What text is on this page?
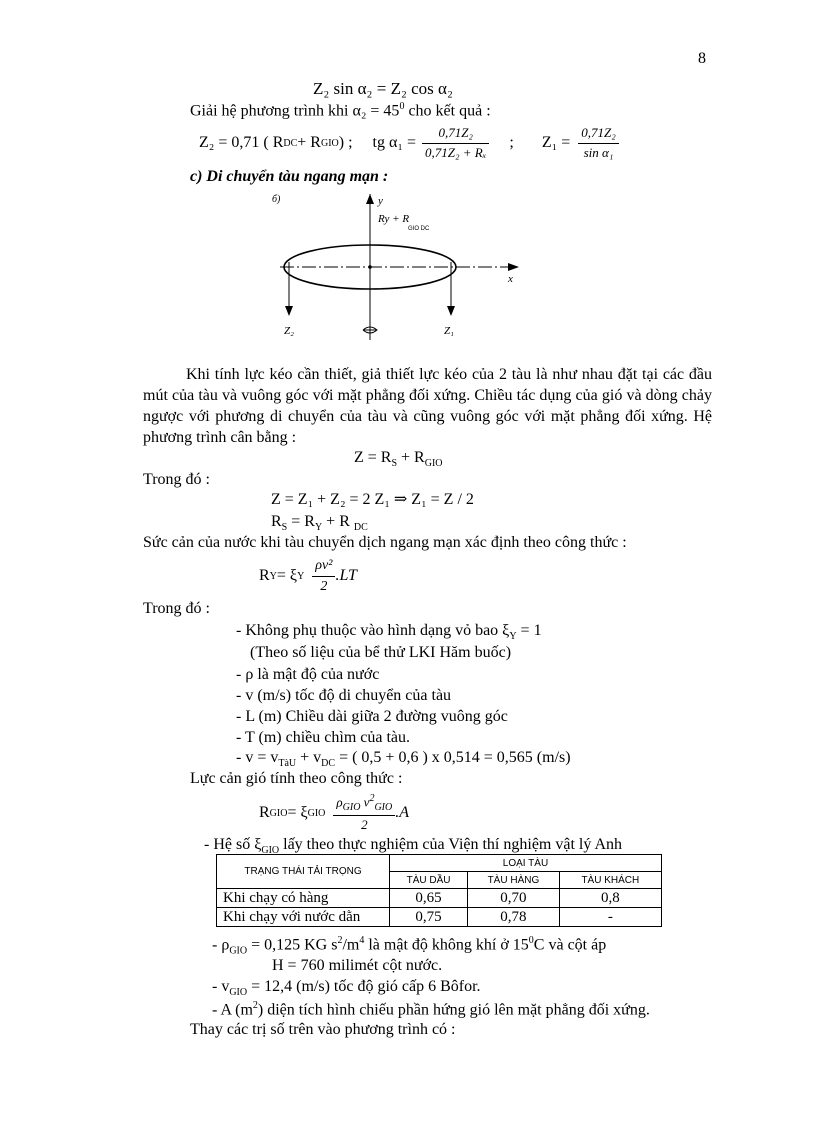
8
Z₂ sin α₂ = Z₂ cos α₂
Giải hệ phương trình khi $\alpha_2 = 45^0$ cho kết quả :
Z₂ = 0,71 ( R DC + R GIO ) ; tg $\alpha_1 = \frac{\text{0,71Z₂}}{\text{0,71Z₂ + Rₓ}}$ ; $Z_1 = \frac{\text{0,71Z₂}}{\text{sin α₁}}$
c) Di chuyển tàu ngang mạn :
б)	y
Ry + R
GIO DC
x
Z₂	Z₁
Khi tính lực kéo cần thiết, giả thiết lực kéo của 2 tàu là như nhau đặt tại các đầu mút của tàu và vuông góc với mặt phẳng đối xứng. Chiều tác dụng của gió và dòng chảy ngược với phương di chuyển của tàu và cũng vuông góc với mặt phẳng đối xứng. Hệ phương trình cân bằng :
$Z = R_S + R_{GIO}$
Trong đó :
Z = Z₁ + Z₂ = 2 Z₁ ⇒ Z₁ = Z / 2
$R_S = R_Y + R$ $_{DC}$
Sức cản của nước khi tàu chuyển dịch ngang mạn xác định theo công thức :
R Y = ξ Y $\frac{\text{ρv²}}{2} .LT$
Trong đó :
- Không phụ thuộc vào hình dạng vỏ bao $\xi_Y = 1$
(Theo số liệu của bể thử LKI Hăm buốc)
- ρ là mật độ của nước
- v (m/s) tốc độ di chuyển của tàu
- L (m) Chiều dài giữa 2 đường vuông góc
- T (m) chiều chìm của tàu.
- $v = v_{TàU} + v_{DC}$ = ( 0,5 + 0,6 ) x 0,514 = 0,565 (m/s)
Lực cản gió tính theo công thức :
R GIO = ξ GIO $\frac{\rho_{GIO} v^2_{GIO}}{2} .A$
- Hệ số $\xi_{GIO}$ lấy theo thực nghiệm của Viện thí nghiệm vật lý Anh
TRẠNG THÁI TẢI TRỌNG	LOẠI TÀU		
	TÀU DẦU	TÀU HÀNG	TÀU KHÁCH
Khi chạy có hàng	0,65	0,70	0,8
Khi chạy với nước dằn	0,75	0,78	-
- $\rho_{GIO} = 0,125$ KG $s^2/m^4$ là mật độ không khí ở $15^0C$ và cột áp
H = 760 milimét cột nước.
- $v_{GIO} = 12,4$ (m/s) tốc độ gió cấp 6 Bôfor.
- A $(m^2)$ diện tích hình chiếu phần hứng gió lên mặt phẳng đối xứng.
Thay các trị số trên vào phương trình có :
